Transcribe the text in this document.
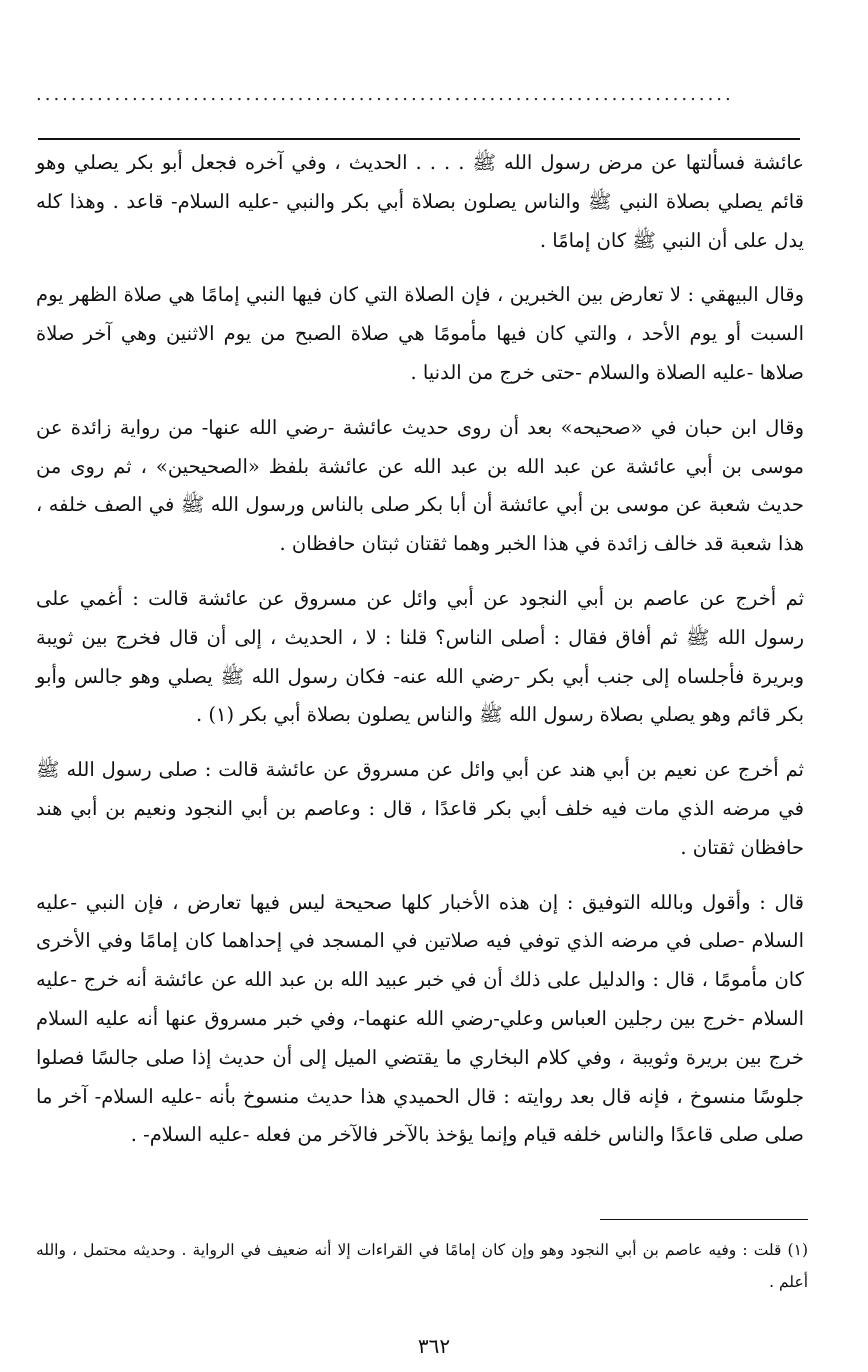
................................................................................

عائشة فسألتها عن مرض رسول الله ﷺ . . . . الحديث ، وفي آخره فجعل أبو بكر يصلي وهو قائم يصلي بصلاة النبي ﷺ والناس يصلون بصلاة أبي بكر والنبي -عليه السلام- قاعد . وهذا كله يدل على أن النبي ﷺ كان إمامًا .

وقال البيهقي : لا تعارض بين الخبرين ، فإن الصلاة التي كان فيها النبي إمامًا هي صلاة الظهر يوم السبت أو يوم الأحد ، والتي كان فيها مأمومًا هي صلاة الصبح من يوم الاثنين وهي آخر صلاة صلاها -عليه الصلاة والسلام -حتى خرج من الدنيا .

وقال ابن حبان في «صحيحه» بعد أن روى حديث عائشة -رضي الله عنها- من رواية زائدة عن موسى بن أبي عائشة عن عبد الله بن عبد الله عن عائشة بلفظ «الصحيحين» ، ثم روى من حديث شعبة عن موسى بن أبي عائشة أن أبا بكر صلى بالناس ورسول الله ﷺ في الصف خلفه ، هذا شعبة قد خالف زائدة في هذا الخبر وهما ثقتان ثبتان حافظان .

ثم أخرج عن عاصم بن أبي النجود عن أبي وائل عن مسروق عن عائشة قالت : أغمي على رسول الله ﷺ ثم أفاق فقال : أصلى الناس؟ قلنا : لا ، الحديث ، إلى أن قال فخرج بين ثويبة وبريرة فأجلساه إلى جنب أبي بكر -رضي الله عنه- فكان رسول الله ﷺ يصلي وهو جالس وأبو بكر قائم وهو يصلي بصلاة رسول الله ﷺ والناس يصلون بصلاة أبي بكر (١) .

ثم أخرج عن نعيم بن أبي هند عن أبي وائل عن مسروق عن عائشة قالت : صلى رسول الله ﷺ في مرضه الذي مات فيه خلف أبي بكر قاعدًا ، قال : وعاصم بن أبي النجود ونعيم بن أبي هند حافظان ثقتان .

قال : وأقول وبالله التوفيق : إن هذه الأخبار كلها صحيحة ليس فيها تعارض ، فإن النبي -عليه السلام -صلى في مرضه الذي توفي فيه صلاتين في المسجد في إحداهما كان إمامًا وفي الأخرى كان مأمومًا ، قال : والدليل على ذلك أن في خبر عبيد الله بن عبد الله عن عائشة أنه خرج -عليه السلام -خرج بين رجلين العباس وعلي-رضي الله عنهما-، وفي خبر مسروق عنها أنه عليه السلام خرج بين بريرة وثويبة ، وفي كلام البخاري ما يقتضي الميل إلى أن حديث إذا صلى جالسًا فصلوا جلوسًا منسوخ ، فإنه قال بعد روايته : قال الحميدي هذا حديث منسوخ بأنه -عليه السلام- آخر ما صلى صلى قاعدًا والناس خلفه قيام وإنما يؤخذ بالآخر فالآخر من فعله -عليه السلام- .

(١) قلت : وفيه عاصم بن أبي النجود وهو وإن كان إمامًا في القراءات إلا أنه ضعيف في الرواية . وحديثه محتمل ، والله أعلم .

٣٦٢
